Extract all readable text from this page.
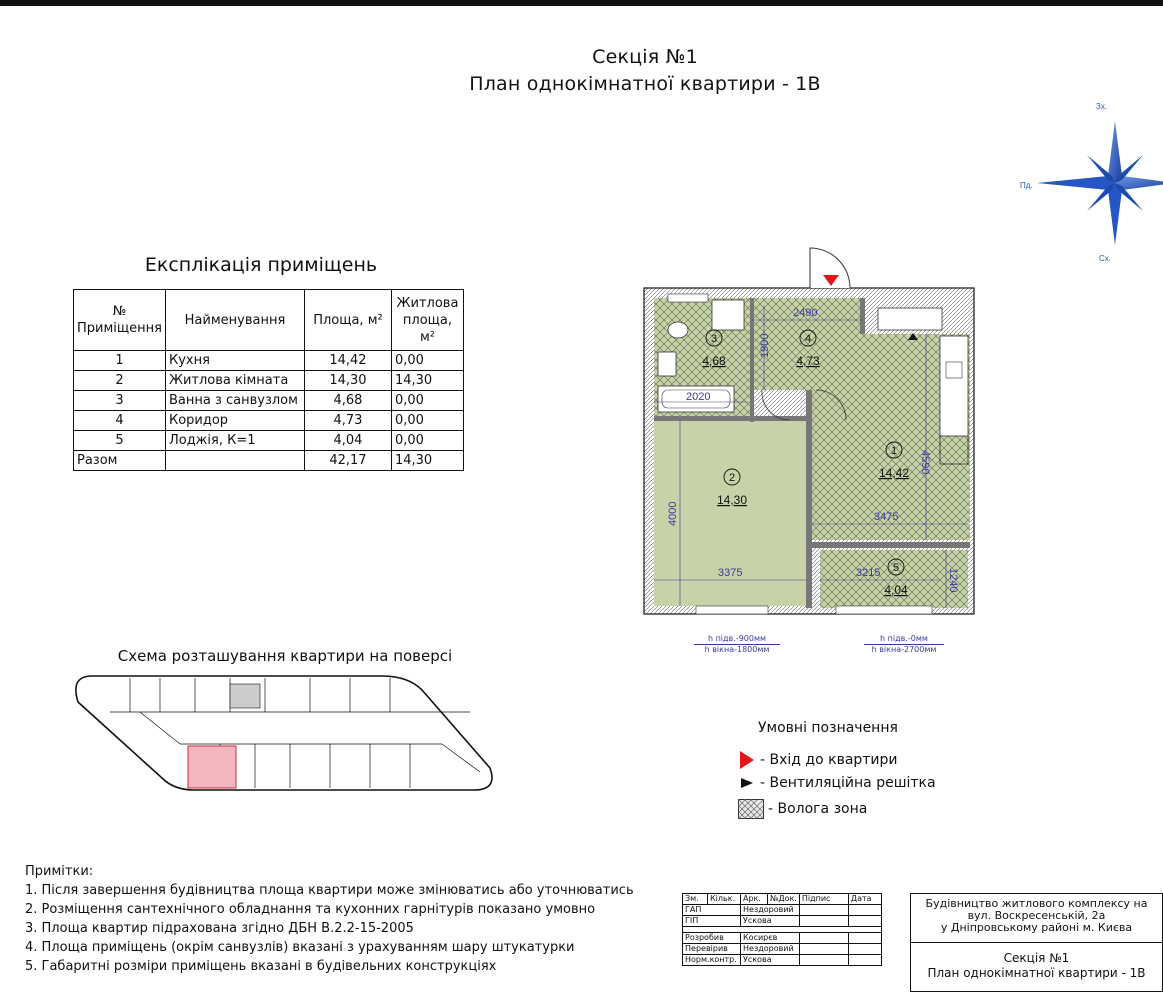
Секція №1
План однокімнатної квартири - 1В
Зх.
Пд.
Сх.
Експлікація приміщень
№ Приміщення	Найменування	Площа, м²	Житлова площа, м²
1	Кухня	14,42	0,00
2	Житлова кімната	14,30	14,30
3	Ванна з санвузлом	4,68	0,00
4	Коридор	4,73	0,00
5	Лоджія, К=1	4,04	0,00
Разом		42,17	14,30
2490
1900
2020
4590
4000	3475
3375	3215	1240
1
14,42
2
14,30
3
4,68
4
4,73
5
4,04
h підв.-900мм
h вікна-1800мм
h підв.-0мм
h вікна-2700мм
Схема розташування квартири на поверсі
Умовні позначення
- Вхід до квартири
- Вентиляційна решітка
- Волога зона
Примітки:
1. Після завершення будівництва площа квартири може змінюватись або уточнюватись
2. Розміщення сантехнічного обладнання та кухонних гарнітурів показано умовно
3. Площа квартир підрахована згідно ДБН В.2.2-15-2005
4. Площа приміщень (окрім санвузлів) вказані з урахуванням шару штукатурки
5. Габаритні розміри приміщень вказані в будівельних конструкціях
Зм.	Кільк.	Арк.	№Док.	Підпис	Дата
ГАП		Нездоровий			
ГІП		Ускова			

Розробив		Косирєв			
Перевірив		Нездоровий			
Норм.контр.		Ускова			
Будівництво житлового комплексу на
вул. Воскресенській, 2а
у Дніпровському районі м. Києва
Секція №1
План однокімнатної квартири - 1В
